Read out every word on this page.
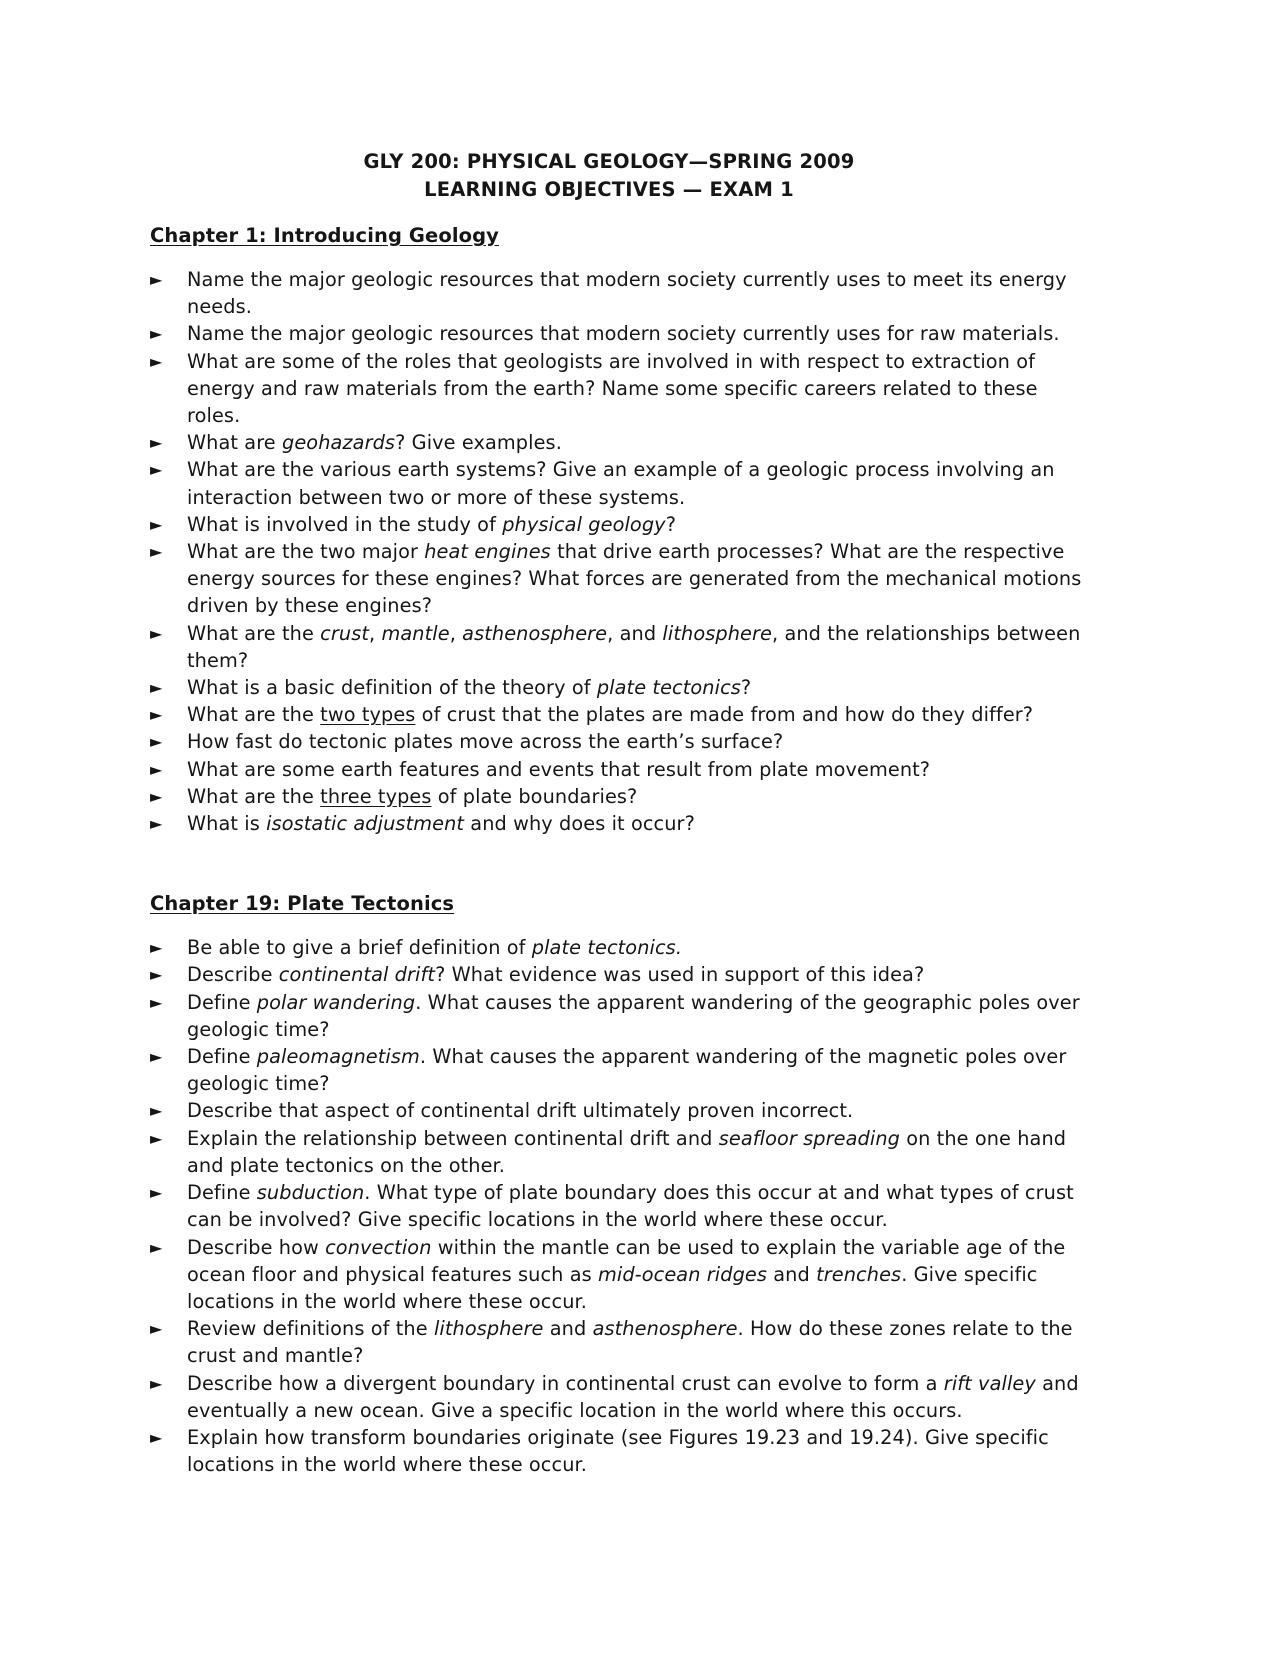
GLY 200: PHYSICAL GEOLOGY—SPRING 2009
LEARNING OBJECTIVES — EXAM 1

Chapter 1: Introducing Geology

► Name the major geologic resources that modern society currently uses to meet its energy needs.
► Name the major geologic resources that modern society currently uses for raw materials.
► What are some of the roles that geologists are involved in with respect to extraction of energy and raw materials from the earth? Name some specific careers related to these roles.
► What are geohazards? Give examples.
► What are the various earth systems? Give an example of a geologic process involving an interaction between two or more of these systems.
► What is involved in the study of physical geology?
► What are the two major heat engines that drive earth processes? What are the respective energy sources for these engines? What forces are generated from the mechanical motions driven by these engines?
► What are the crust, mantle, asthenosphere, and lithosphere, and the relationships between them?
► What is a basic definition of the theory of plate tectonics?
► What are the two types of crust that the plates are made from and how do they differ?
► How fast do tectonic plates move across the earth’s surface?
► What are some earth features and events that result from plate movement?
► What are the three types of plate boundaries?
► What is isostatic adjustment and why does it occur?

Chapter 19: Plate Tectonics

► Be able to give a brief definition of plate tectonics.
► Describe continental drift? What evidence was used in support of this idea?
► Define polar wandering. What causes the apparent wandering of the geographic poles over geologic time?
► Define paleomagnetism. What causes the apparent wandering of the magnetic poles over geologic time?
► Describe that aspect of continental drift ultimately proven incorrect.
► Explain the relationship between continental drift and seafloor spreading on the one hand and plate tectonics on the other.
► Define subduction. What type of plate boundary does this occur at and what types of crust can be involved? Give specific locations in the world where these occur.
► Describe how convection within the mantle can be used to explain the variable age of the ocean floor and physical features such as mid-ocean ridges and trenches. Give specific locations in the world where these occur.
► Review definitions of the lithosphere and asthenosphere. How do these zones relate to the crust and mantle?
► Describe how a divergent boundary in continental crust can evolve to form a rift valley and eventually a new ocean. Give a specific location in the world where this occurs.
► Explain how transform boundaries originate (see Figures 19.23 and 19.24). Give specific locations in the world where these occur.
